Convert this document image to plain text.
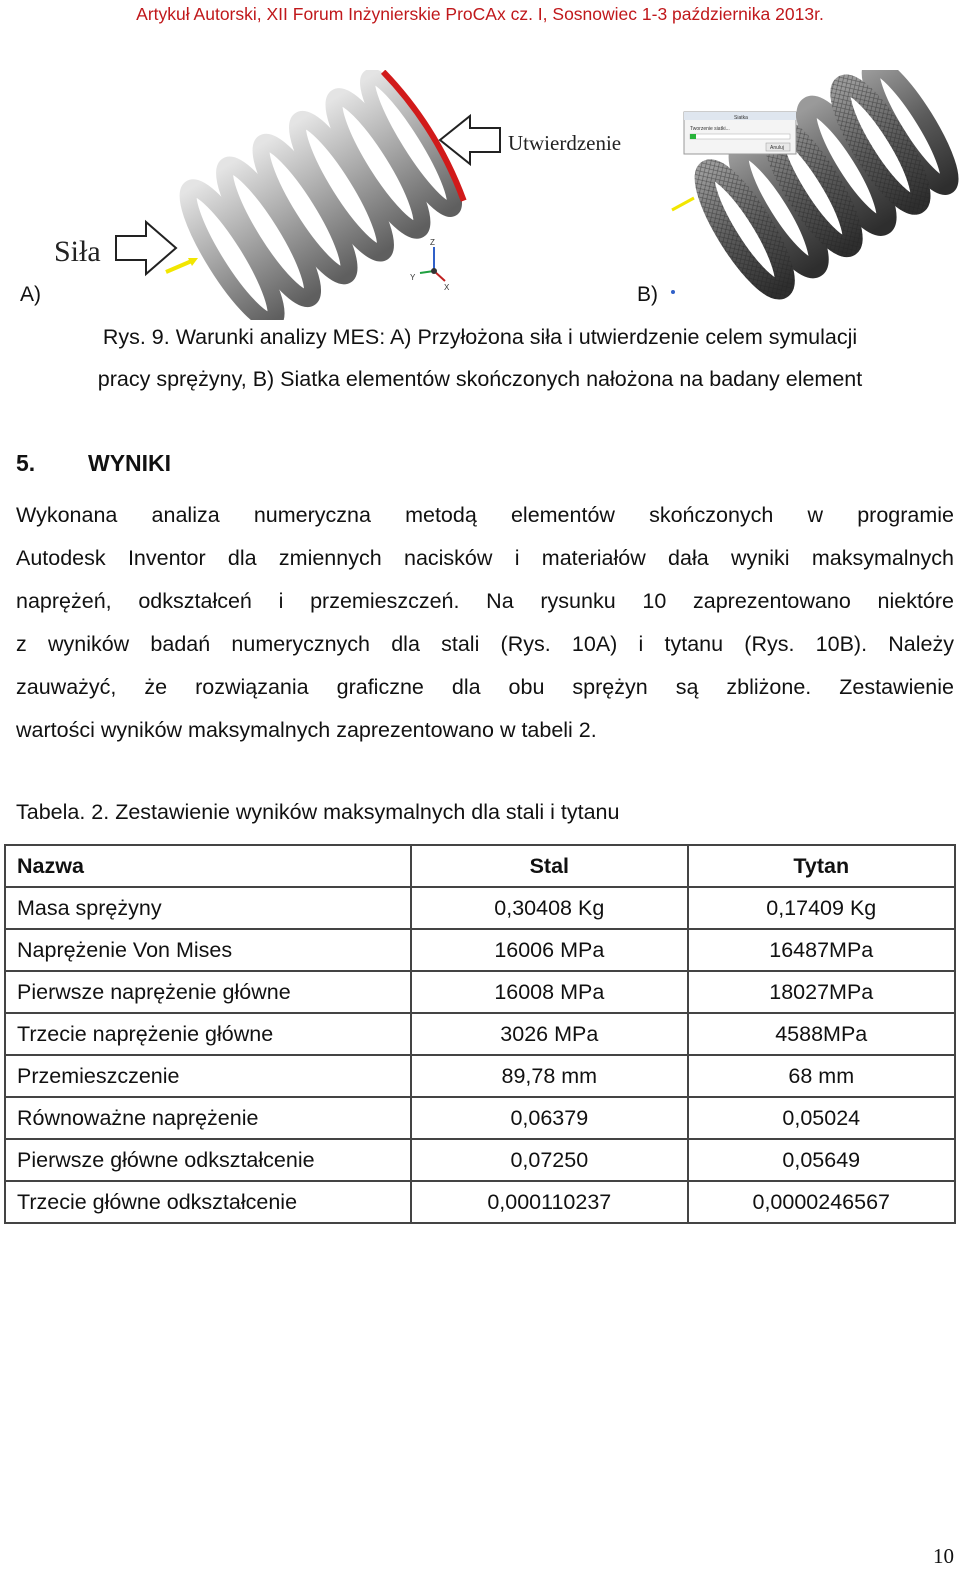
Artykuł Autorski, XII Forum Inżynierskie ProCAx cz. I, Sosnowiec 1-3 października 2013r.
Siła
Utwierdzenie
Z
Y
X
Siatka
Tworzenie siatki...
Anuluj
A)	B)
Rys. 9. Warunki analizy MES: A) Przyłożona siła i utwierdzenie celem symulacji
pracy sprężyny, B) Siatka elementów skończonych nałożona na badany element
5. WYNIKI

Wykonana analiza numeryczna metodą elementów skończonych w programie

Autodesk Inventor dla zmiennych nacisków i materiałów dała wyniki maksymalnych

naprężeń, odkształceń i przemieszczeń. Na rysunku 10 zaprezentowano niektóre

z wyników badań numerycznych dla stali (Rys. 10A) i tytanu (Rys. 10B). Należy

zauważyć, że rozwiązania graficzne dla obu sprężyn są zbliżone. Zestawienie

wartości wyników maksymalnych zaprezentowano w tabeli 2.

Tabela. 2. Zestawienie wyników maksymalnych dla stali i tytanu
Nazwa	Stal	Tytan
Masa sprężyny	0,30408 Kg	0,17409 Kg
Naprężenie Von Mises	16006 MPa	16487MPa
Pierwsze naprężenie główne	16008 MPa	18027MPa
Trzecie naprężenie główne	3026 MPa	4588MPa
Przemieszczenie	89,78 mm	68 mm
Równoważne naprężenie	0,06379	0,05024
Pierwsze główne odkształcenie	0,07250	0,05649
Trzecie główne odkształcenie	0,000110237	0,0000246567
10
